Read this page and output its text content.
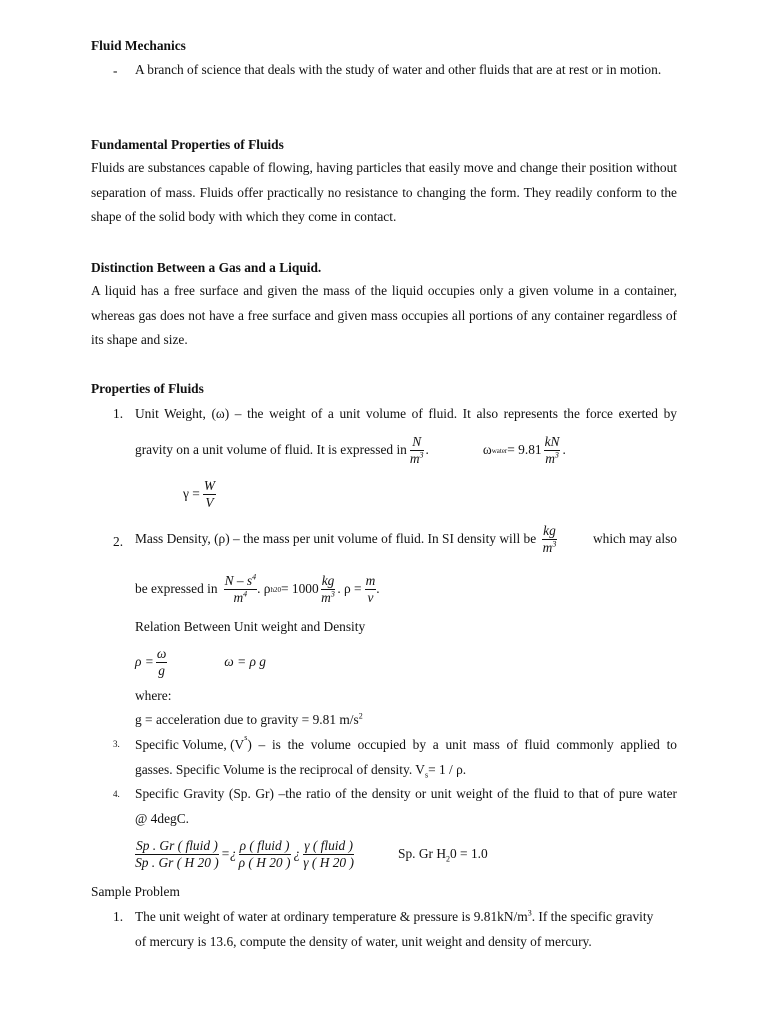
Fluid Mechanics
- A branch of science that deals with the study of water and other fluids that are at rest or in motion.
Fundamental Properties of Fluids
Fluids are substances capable of flowing, having particles that easily move and change their position without separation of mass. Fluids offer practically no resistance to changing the form. They readily conform to the shape of the solid body with which they come in contact.
Distinction Between a Gas and a Liquid.
A liquid has a free surface and given the mass of the liquid occupies only a given volume in a container, whereas gas does not have a free surface and given mass occupies all portions of any container regardless of its shape and size.
Properties of Fluids
1. Unit Weight, (ω) – the weight of a unit volume of fluid. It also represents the force exerted by
gravity on a unit volume of fluid. It is expressed in $\frac{N}{m^3}$ .	ω water = $9.81 \frac{kN}{m^3}$ .
$\gamma = \frac{W}{V}$
2. Mass Density, (ρ) – the mass per unit volume of fluid. In SI density will be $\frac{kg}{m^3}$	which may also
be expressed in $\frac{N - s^4}{m^4}$ . ρ $h20 = 1000 \frac{kg}{m^3}$ . $\rho = \frac{m}{v}$ .
Relation Between Unit weight and Density
$\rho = \frac{\omega}{g}$	ω = ρ g
where:
g = acceleration due to gravity = 9.81 $m/s^2$
3. Specific Volume, (V s ) – is the volume occupied by a unit mass of fluid commonly applied to
gasses. Specific Volume is the reciprocal of density. $V_s= 1 / \rho$.
4. Specific Gravity (Sp. Gr) –the ratio of the density or unit weight of the fluid to that of pure water
@ 4degC.
$\frac{\text{Sp . Gr ( fluid )}}{Sp . Gr ( H 20 )}$ =¿ $\frac{\text{ρ ( fluid )}}{\rho ( H 20 )}$ ¿ $\frac{\text{γ ( fluid )}}{\gamma ( H 20 )}$	Sp. Gr $H_20 = 1.0$
Sample Problem
1. The unit weight of water at ordinary temperature & pressure is $9.81kN/m^3$. If the specific gravity
of mercury is 13.6, compute the density of water, unit weight and density of mercury.
